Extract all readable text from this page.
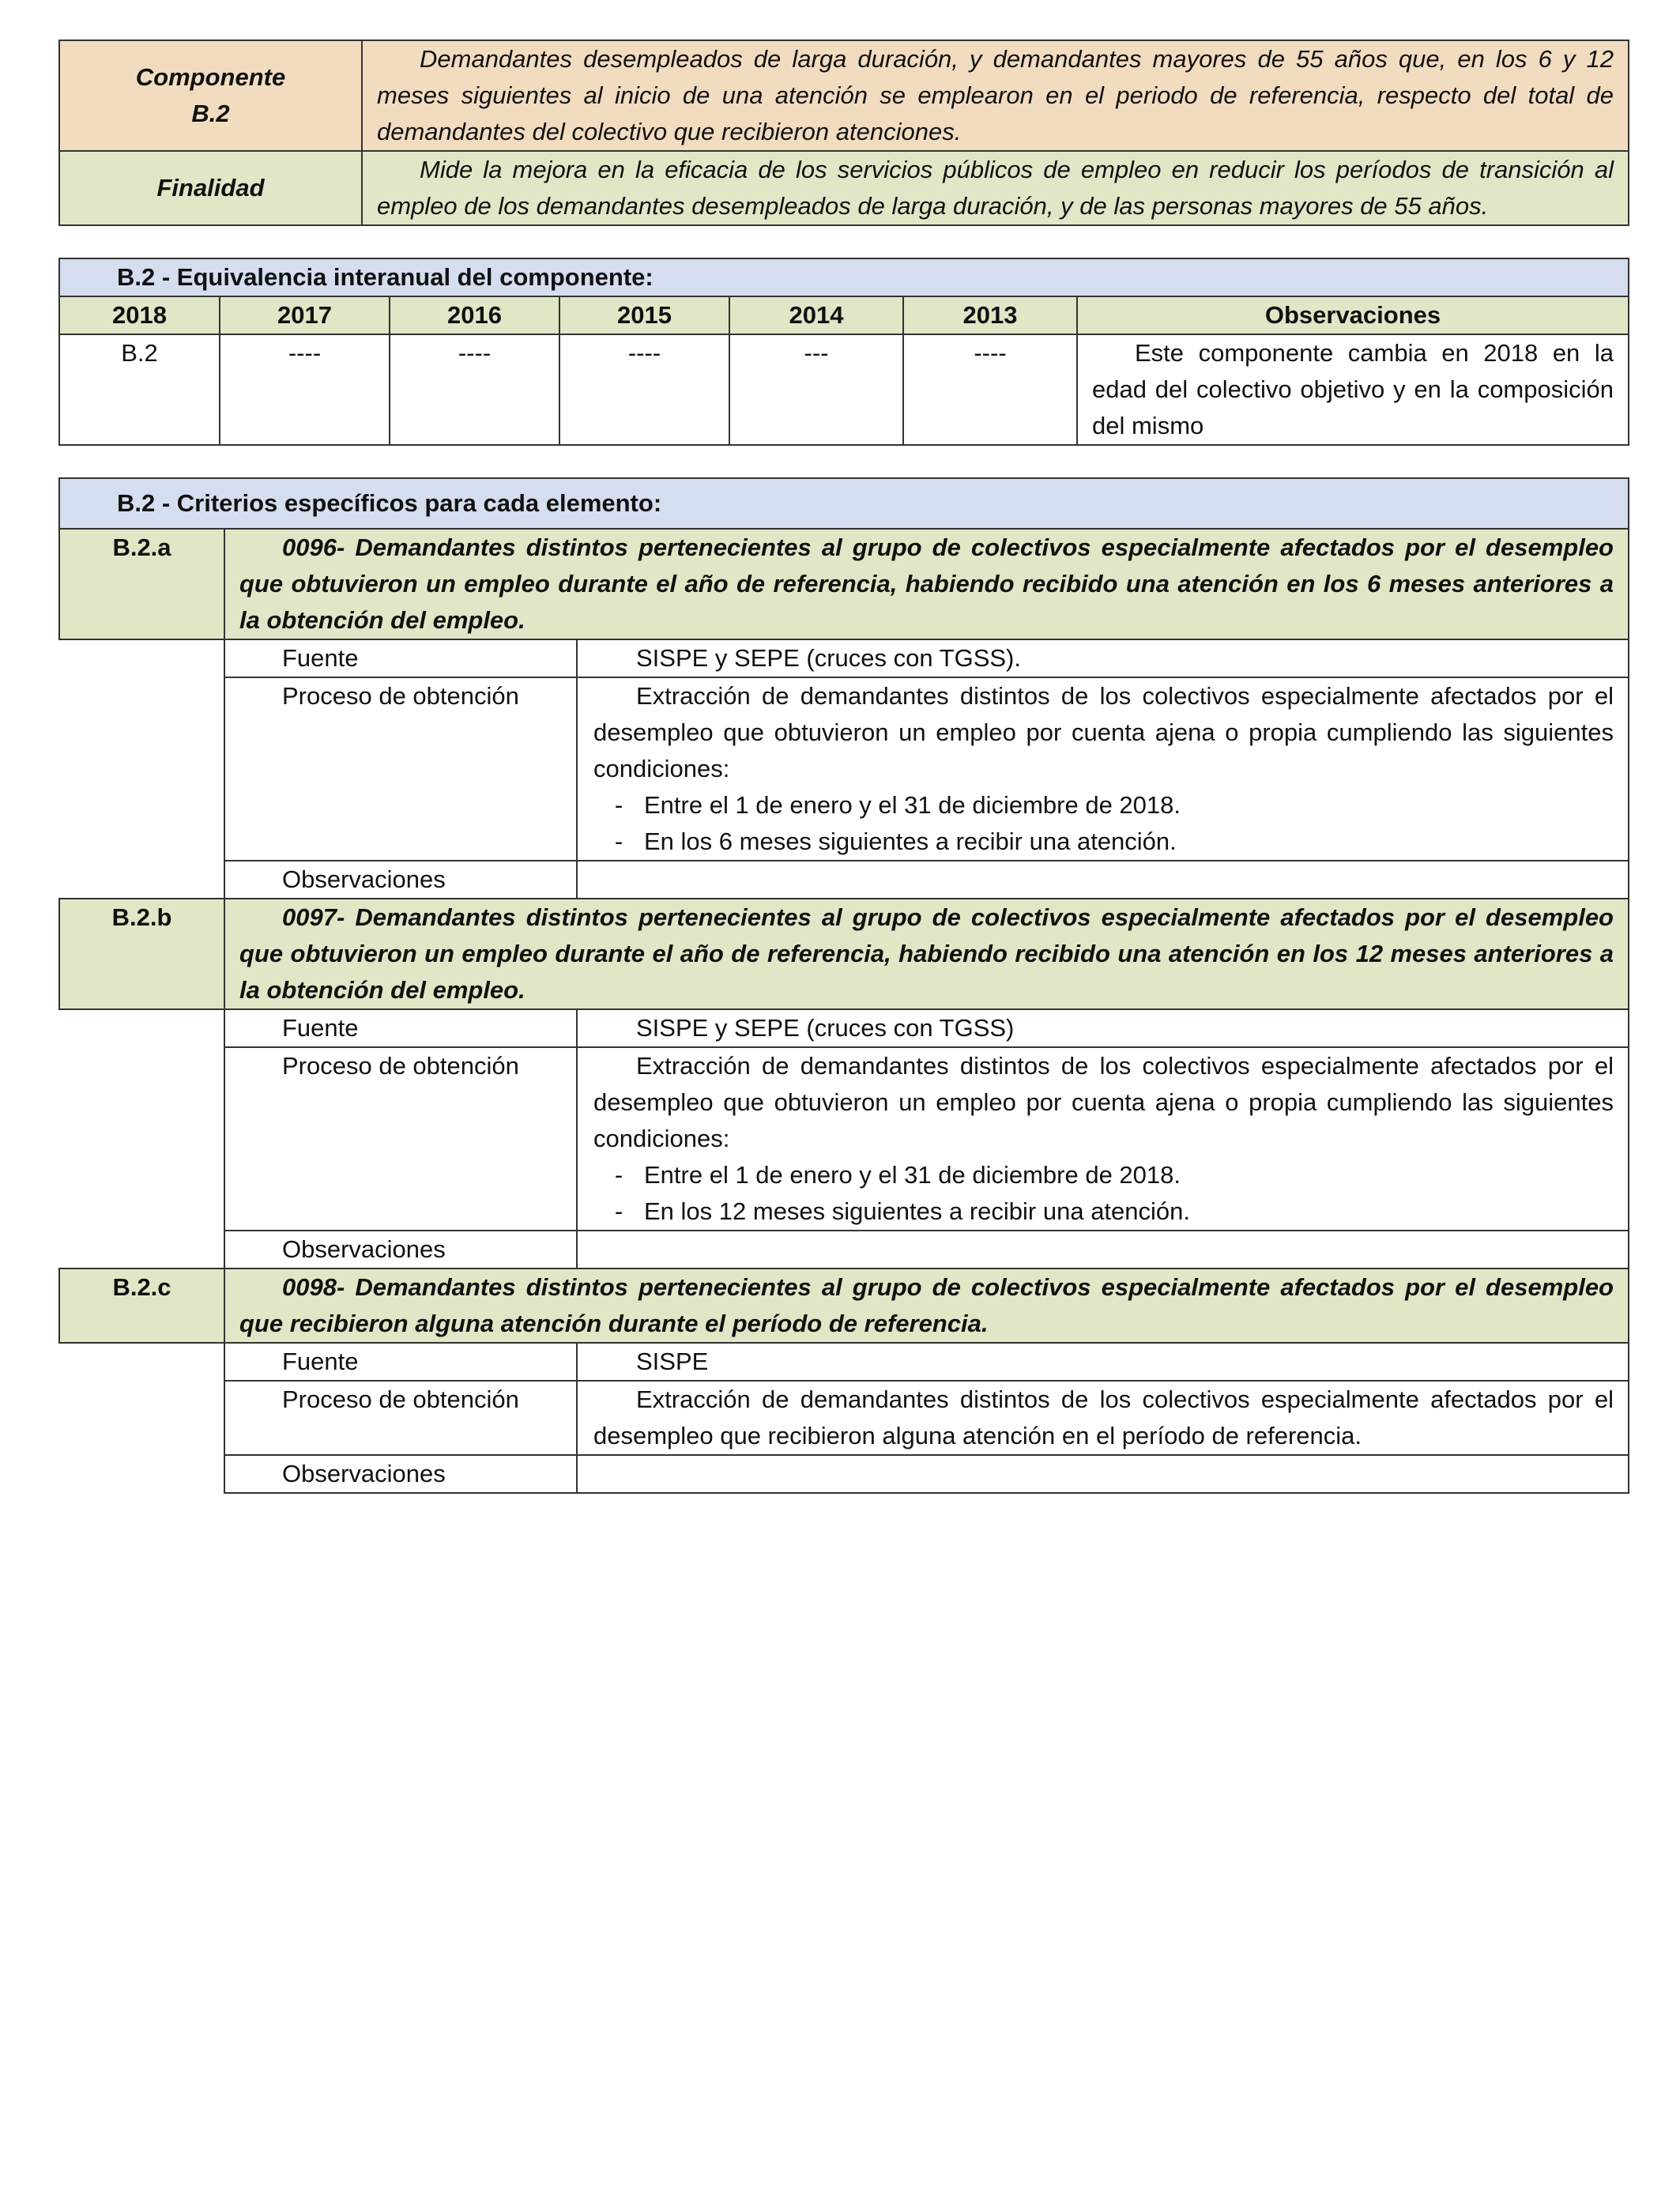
Componente
B.2	Demandantes desempleados de larga duración, y demandantes mayores de 55 años que, en los 6 y 12 meses siguientes al inicio de una atención se emplearon en el periodo de referencia, respecto del total de demandantes del colectivo que recibieron atenciones.
Finalidad	Mide la mejora en la eficacia de los servicios públicos de empleo en reducir los períodos de transición al empleo de los demandantes desempleados de larga duración, y de las personas mayores de 55 años.
B.2 - Equivalencia interanual del componente:						
2018	2017	2016	2015	2014	2013	Observaciones
B.2	----	----	----	---	----	Este componente cambia en 2018 en la edad del colectivo objetivo y en la composición del mismo
B.2 - Criterios específicos para cada elemento:		
B.2.a	0096- Demandantes distintos pertenecientes al grupo de colectivos especialmente afectados por el desempleo que obtuvieron un empleo durante el año de referencia, habiendo recibido una atención en los 6 meses anteriores a la obtención del empleo.	
	Fuente	SISPE y SEPE (cruces con TGSS).
	Proceso de obtención	Extracción de demandantes distintos de los colectivos especialmente afectados por el desempleo que obtuvieron un empleo por cuenta ajena o propia cumpliendo las siguientes condiciones:
- Entre el 1 de enero y el 31 de diciembre de 2018.
- En los 6 meses siguientes a recibir una atención.

	Observaciones	
B.2.b	0097- Demandantes distintos pertenecientes al grupo de colectivos especialmente afectados por el desempleo que obtuvieron un empleo durante el año de referencia, habiendo recibido una atención en los 12 meses anteriores a la obtención del empleo.	
	Fuente	SISPE y SEPE (cruces con TGSS)
	Proceso de obtención	Extracción de demandantes distintos de los colectivos especialmente afectados por el desempleo que obtuvieron un empleo por cuenta ajena o propia cumpliendo las siguientes condiciones:
- Entre el 1 de enero y el 31 de diciembre de 2018.
- En los 12 meses siguientes a recibir una atención.

	Observaciones	
B.2.c	0098- Demandantes distintos pertenecientes al grupo de colectivos especialmente afectados por el desempleo que recibieron alguna atención durante el período de referencia.	
	Fuente	SISPE
	Proceso de obtención	Extracción de demandantes distintos de los colectivos especialmente afectados por el desempleo que recibieron alguna atención en el período de referencia.

	Observaciones	
